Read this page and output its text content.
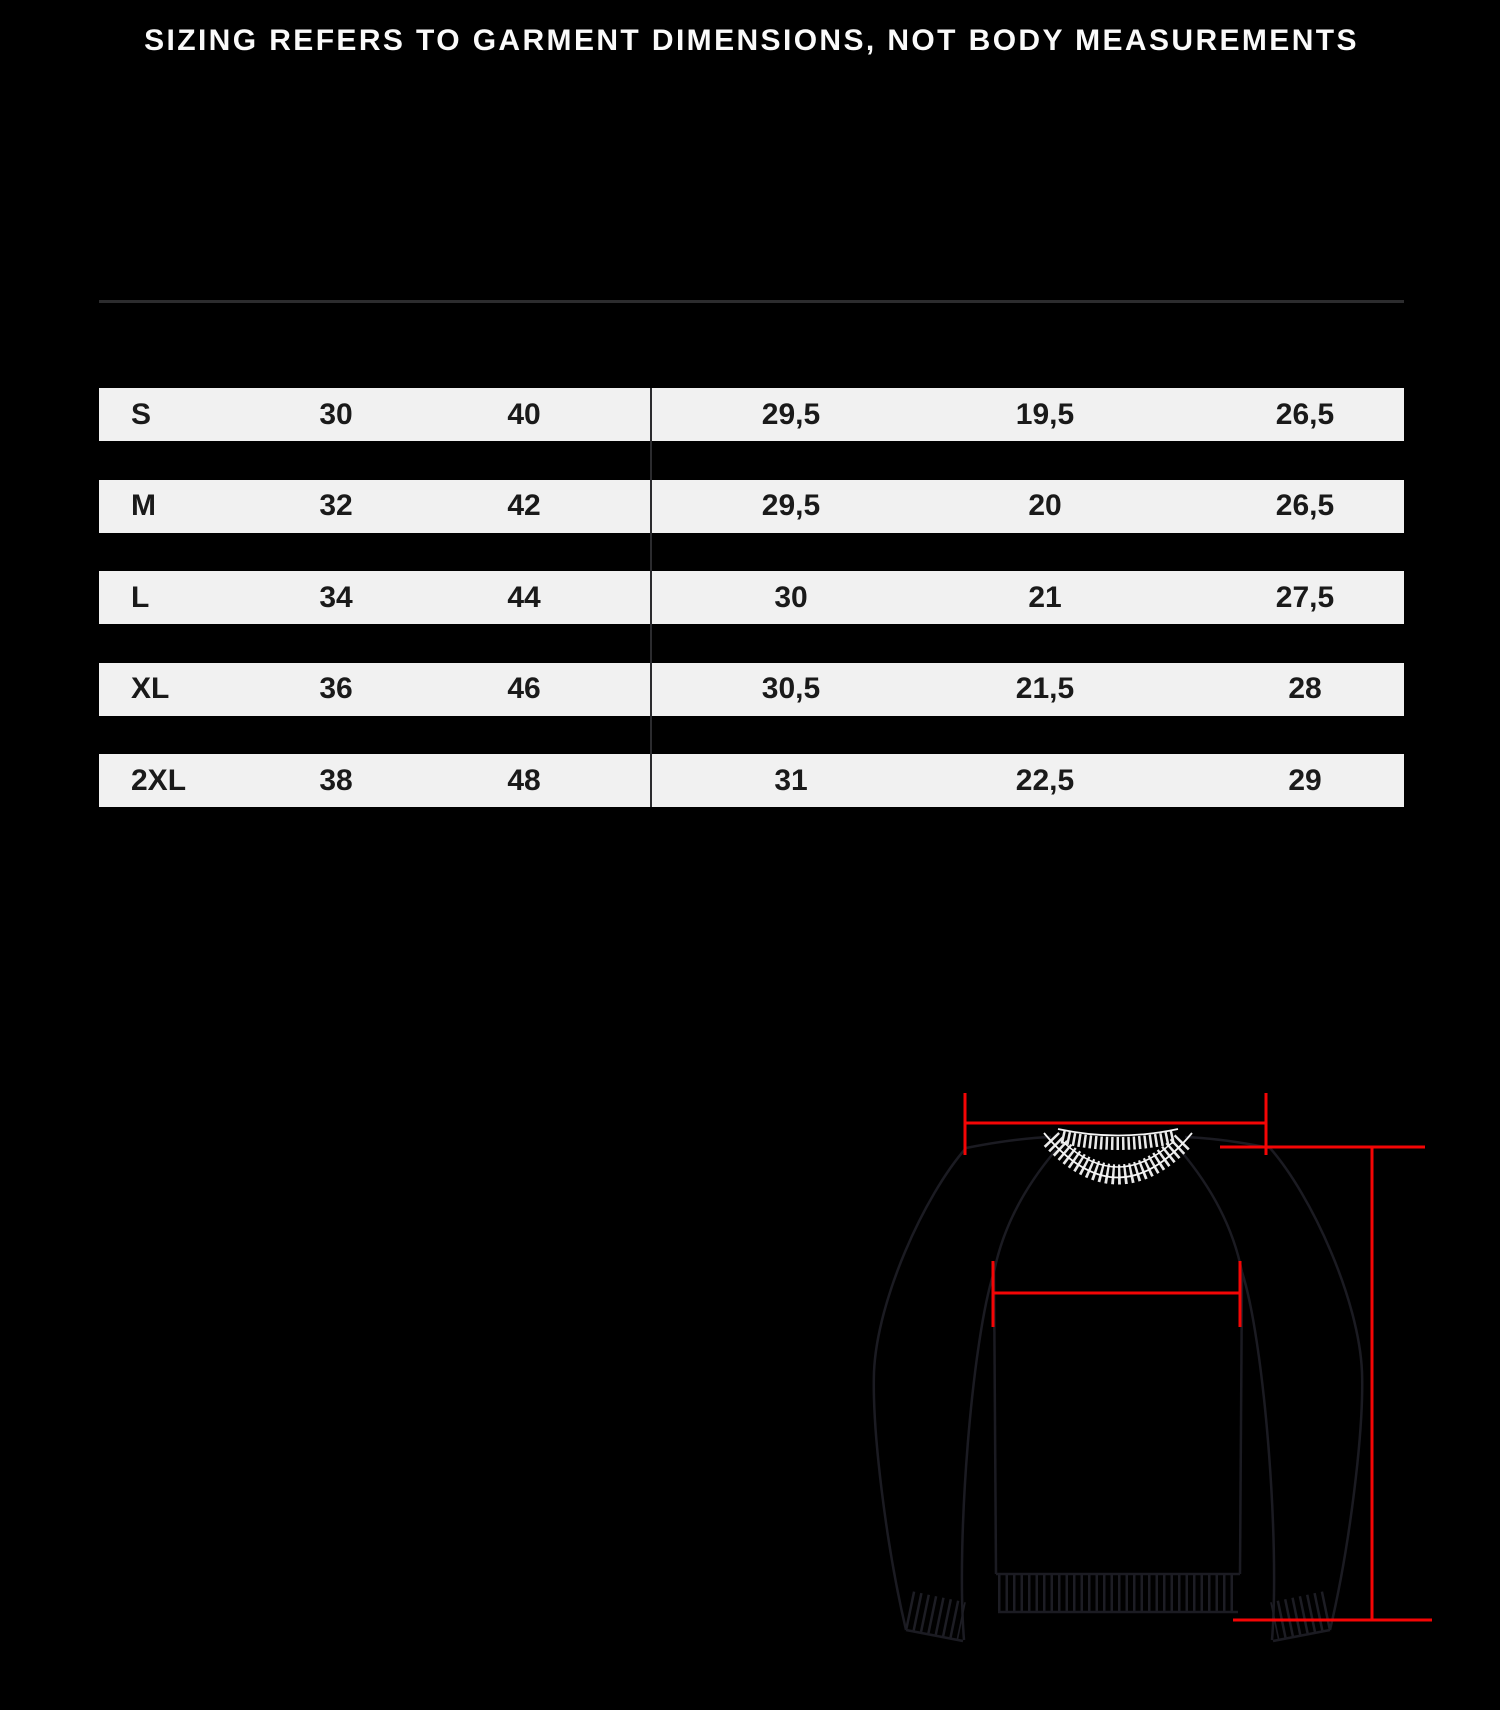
SIZING REFERS TO GARMENT DIMENSIONS, NOT BODY MEASUREMENTS
S	30	40	29,5	19,5	26,5
M	32	42	29,5	20	26,5
L	34	44	30	21	27,5
XL	36	46	30,5	21,5	28
2XL	38	48	31	22,5	29
